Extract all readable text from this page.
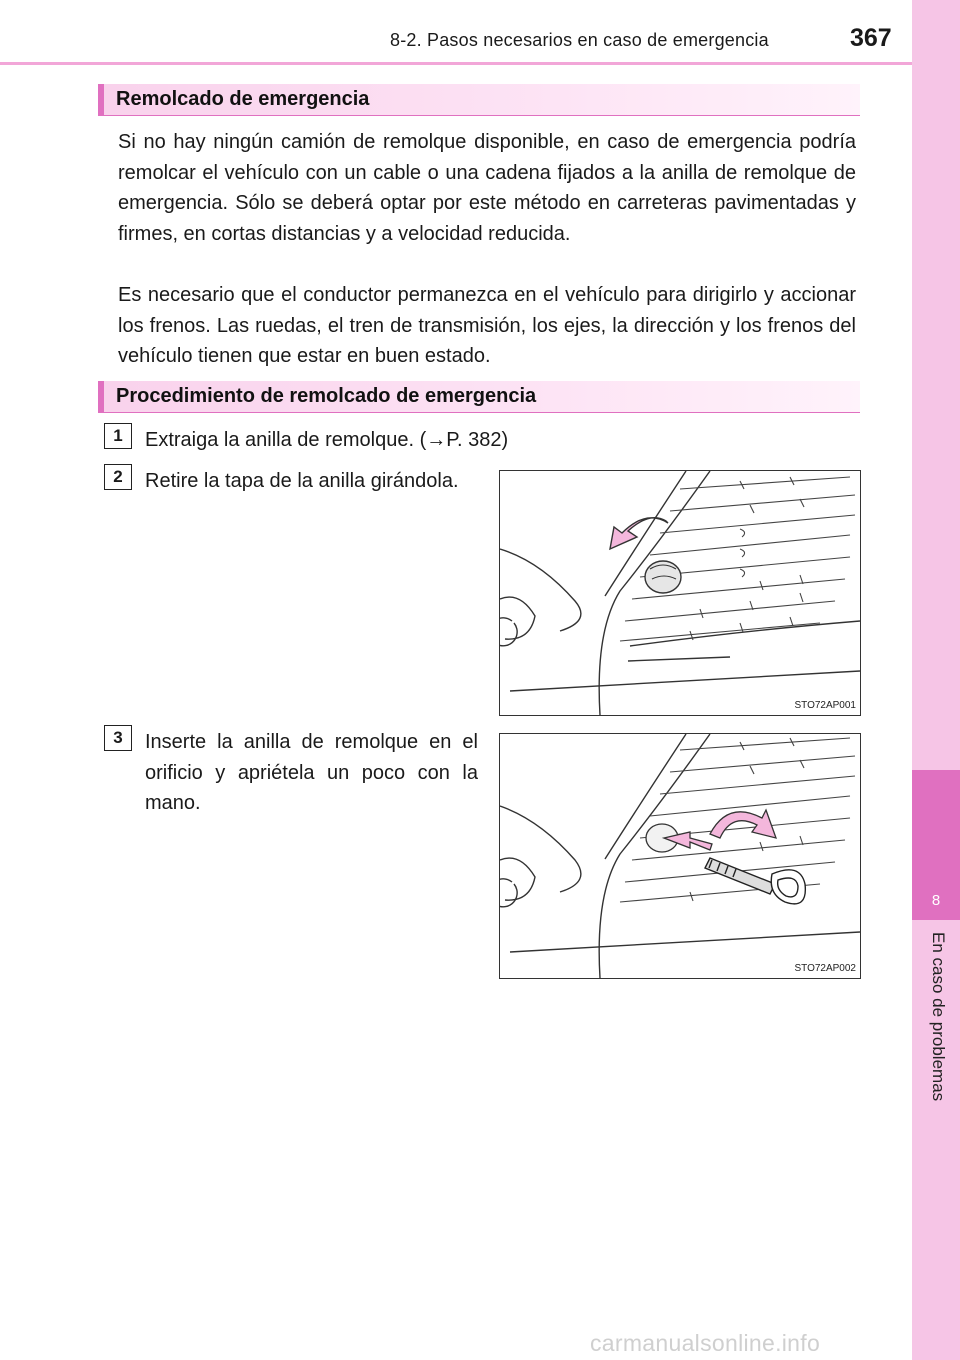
8-2. Pasos necesarios en caso de emergencia	367
8
En caso de problemas
Remolcado de emergencia

Si no hay ningún camión de remolque disponible, en caso de emergencia podría remolcar el vehículo con un cable o una cadena fijados a la anilla de remolque de emergencia. Sólo se deberá optar por este método en carreteras pavimentadas y firmes, en cortas distancias y a velocidad reducida.

Es necesario que el conductor permanezca en el vehículo para dirigirlo y accionar los frenos. Las ruedas, el tren de transmisión, los ejes, la dirección y los frenos del vehículo tienen que estar en buen estado.

Procedimiento de remolcado de emergencia
1	Extraiga la anilla de remolque. (→P. 382)

2	Retire la tapa de la anilla girándola.

STO72AP001
3	Inserte la anilla de remolque en el orificio y apriétela un poco con la mano.

STO72AP002
carmanualsonline.info
